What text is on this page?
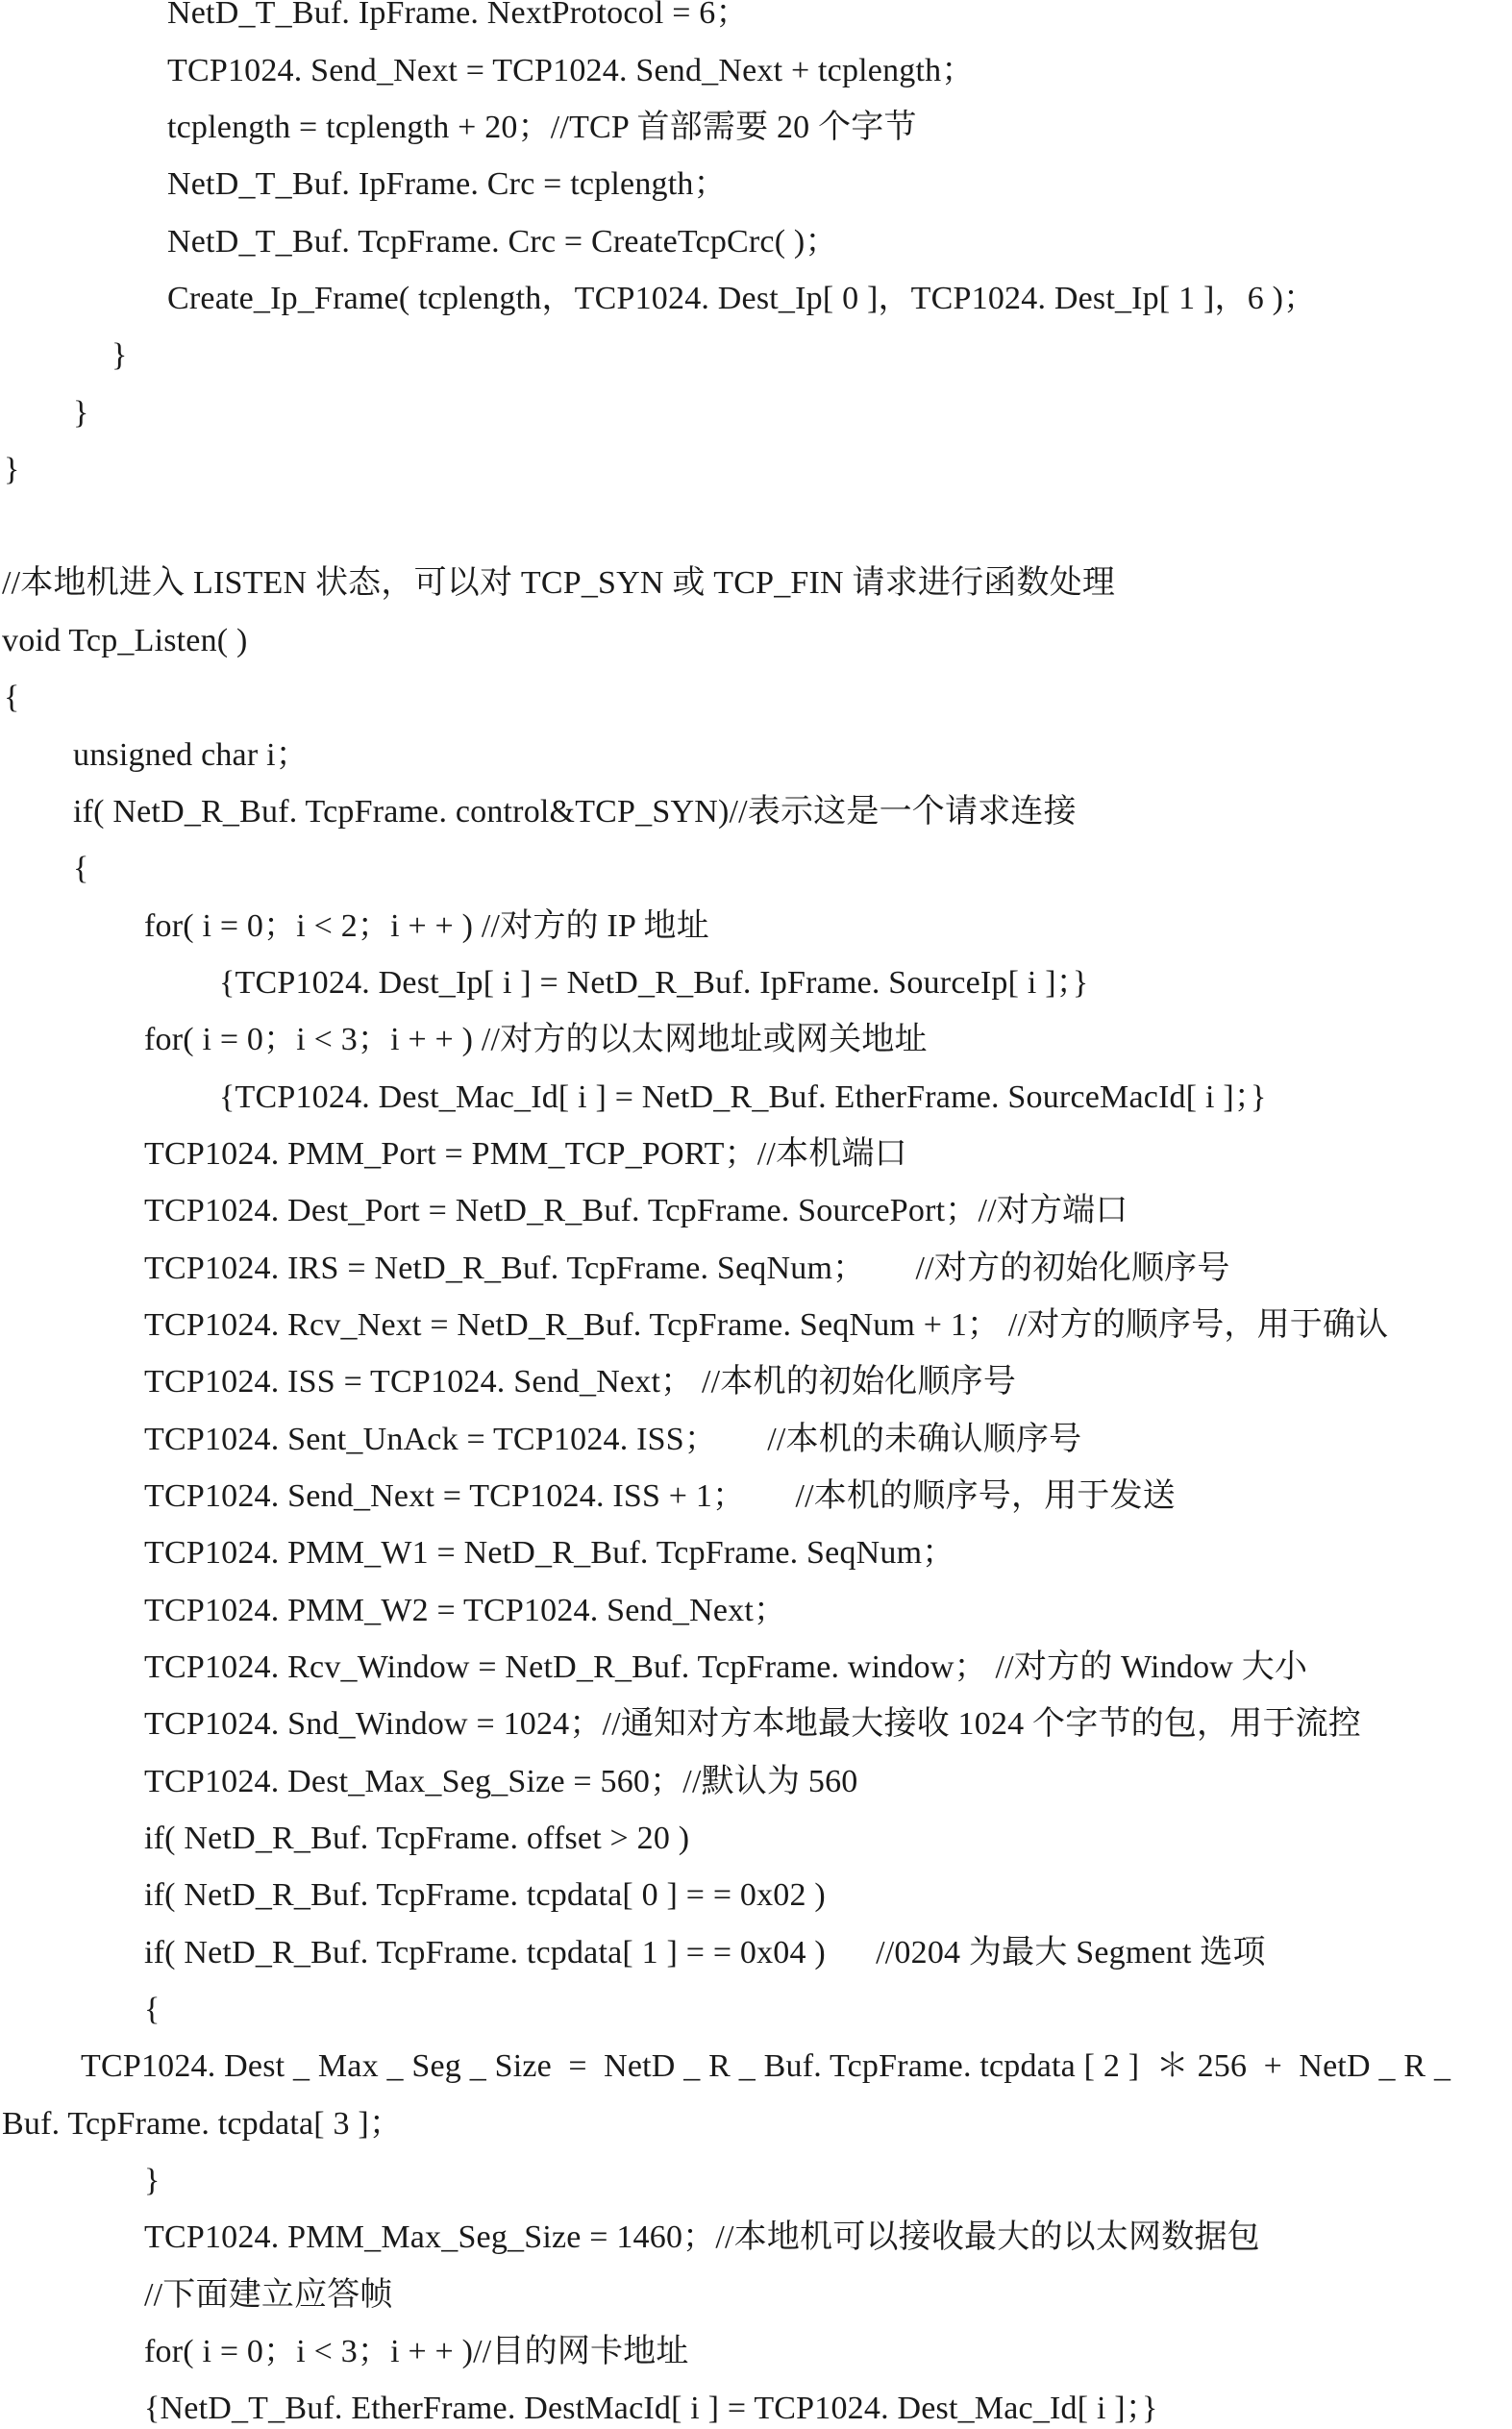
NetD_T_Buf. IpFrame. NextProtocol = 6；
TCP1024. Send_Next = TCP1024. Send_Next + tcplength；
tcplength = tcplength + 20；//TCP 首部需要 20 个字节
NetD_T_Buf. IpFrame. Crc = tcplength；
NetD_T_Buf. TcpFrame. Crc = CreateTcpCrc( )；
Create_Ip_Frame( tcplength，TCP1024. Dest_Ip[ 0 ]，TCP1024. Dest_Ip[ 1 ]，6 )；
}
}
}
//本地机进入 LISTEN 状态，可以对 TCP_SYN 或 TCP_FIN 请求进行函数处理
void Tcp_Listen( )
{
unsigned char i；
if( NetD_R_Buf. TcpFrame. control&TCP_SYN)//表示这是一个请求连接
{
for( i = 0；i < 2；i + + ) //对方的 IP 地址
{TCP1024. Dest_Ip[ i ] = NetD_R_Buf. IpFrame. SourceIp[ i ]；}
for( i = 0；i < 3；i + + ) //对方的以太网地址或网关地址
{TCP1024. Dest_Mac_Id[ i ] = NetD_R_Buf. EtherFrame. SourceMacId[ i ]；}
TCP1024. PMM_Port = PMM_TCP_PORT；//本机端口
TCP1024. Dest_Port = NetD_R_Buf. TcpFrame. SourcePort；//对方端口
TCP1024. IRS = NetD_R_Buf. TcpFrame. SeqNum；      //对方的初始化顺序号
TCP1024. Rcv_Next = NetD_R_Buf. TcpFrame. SeqNum + 1； //对方的顺序号，用于确认
TCP1024. ISS = TCP1024. Send_Next； //本机的初始化顺序号
TCP1024. Sent_UnAck = TCP1024. ISS；      //本机的未确认顺序号
TCP1024. Send_Next = TCP1024. ISS + 1；      //本机的顺序号，用于发送
TCP1024. PMM_W1 = NetD_R_Buf. TcpFrame. SeqNum；
TCP1024. PMM_W2 = TCP1024. Send_Next；
TCP1024. Rcv_Window = NetD_R_Buf. TcpFrame. window； //对方的 Window 大小
TCP1024. Snd_Window = 1024；//通知对方本地最大接收 1024 个字节的包，用于流控
TCP1024. Dest_Max_Seg_Size = 560；//默认为 560
if( NetD_R_Buf. TcpFrame. offset > 20 )
if( NetD_R_Buf. TcpFrame. tcpdata[ 0 ] = = 0x02 )
if( NetD_R_Buf. TcpFrame. tcpdata[ 1 ] = = 0x04 )      //0204 为最大 Segment 选项
{
TCP1024. Dest _ Max _ Seg _ Size  =  NetD _ R _ Buf. TcpFrame. tcpdata [ 2 ]  ＊ 256  +  NetD _ R _
Buf. TcpFrame. tcpdata[ 3 ]；
}
TCP1024. PMM_Max_Seg_Size = 1460；//本地机可以接收最大的以太网数据包
//下面建立应答帧
for( i = 0；i < 3；i + + )//目的网卡地址
{NetD_T_Buf. EtherFrame. DestMacId[ i ] = TCP1024. Dest_Mac_Id[ i ]；}
